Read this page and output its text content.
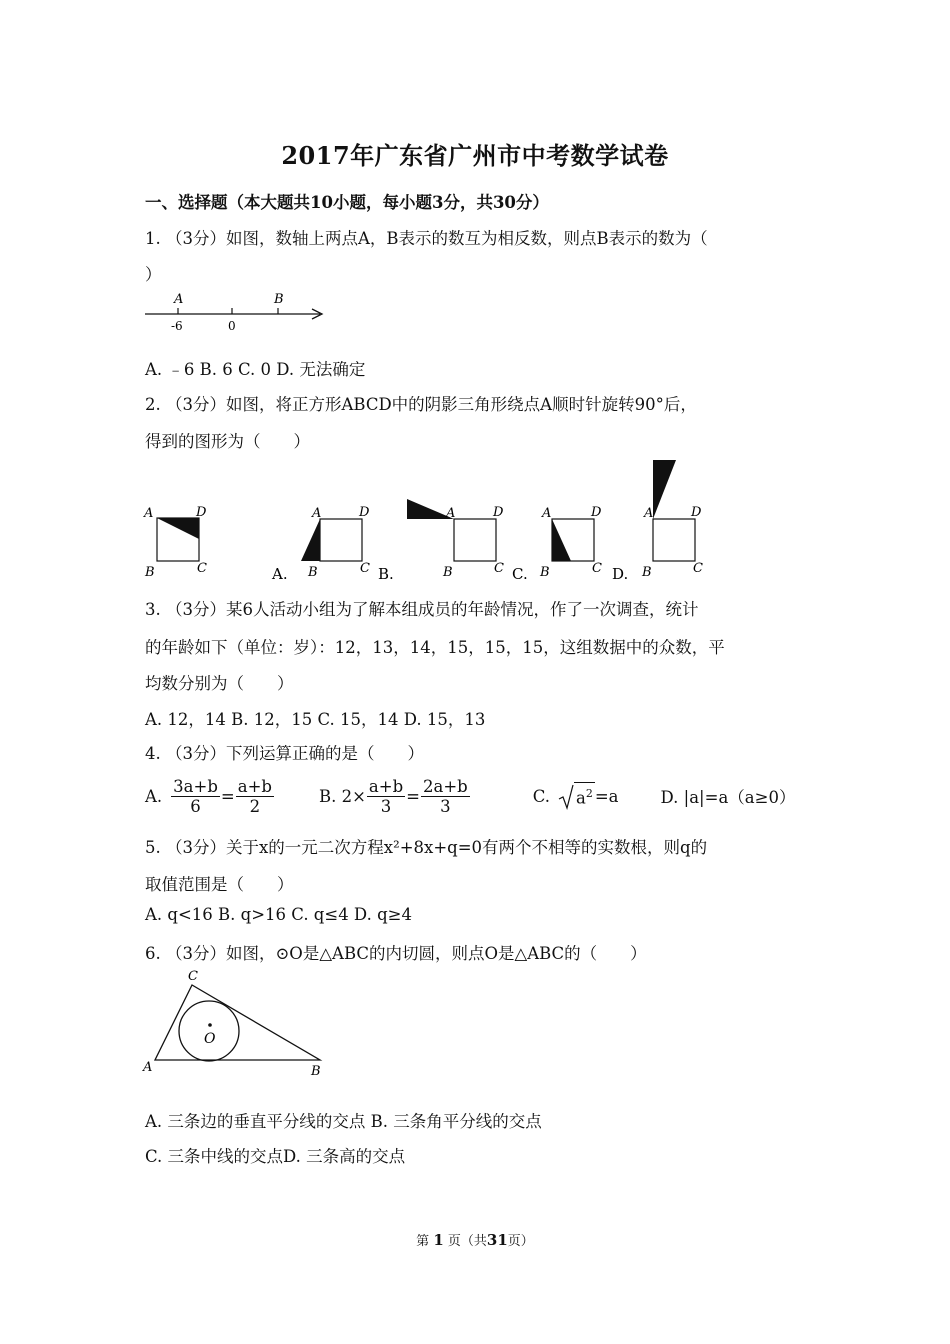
2017年广东省广州市中考数学试卷
一、选择题（本大题共10小题，每小题3分，共30分）
1. （3分）如图，数轴上两点A，B表示的数互为相反数，则点B表示的数为（
）
A	B
-6	0
A. ﹣6 B. 6 C. 0 D. 无法确定
2. （3分）如图，将正方形ABCD中的阴影三角形绕点A顺时针旋转90°后，
得到的图形为（　　）
A	D
B	C
A	D
B	C
A.
A	D
B	C
B.
A	D
B	C
C.
A	D
B	C
D.
3. （3分）某6人活动小组为了解本组成员的年龄情况，作了一次调查，统计
的年龄如下（单位：岁）：12，13，14，15，15，15，这组数据中的众数，平
均数分别为（　　）
A. 12，14 B. 12，15 C. 15，14 D. 15，13
4. （3分）下列运算正确的是（　　）
A. $\frac{3a+b}{6} = \frac{a+b}{2}$	B. $2\times \frac{a+b}{3} = \frac{2a+b}{3}$	C. $a^2 =a$	D. |a|=a（a≥0）
5. （3分）关于x的一元二次方程x²+8x+q=0有两个不相等的实数根，则q的
取值范围是（　　）
A. q<16 B. q>16 C. q≤4 D. q≥4
6. （3分）如图，⊙O是△ABC的内切圆，则点O是△ABC的（　　）
C
A	B
O
A. 三条边的垂直平分线的交点 B. 三条角平分线的交点
C. 三条中线的交点D. 三条高的交点
第 1 页（共31页）
